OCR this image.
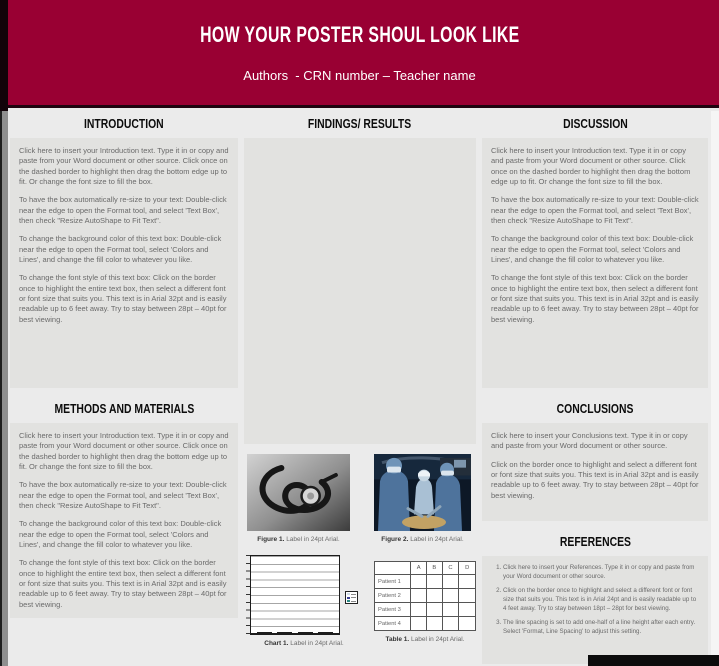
HOW YOUR POSTER SHOUL LOOK LIKE
Authors  - CRN number – Teacher name
INTRODUCTION

Click here to insert your Introduction text. Type it in or copy and paste from your Word document or other source. Click once on the dashed border to highlight then drag the bottom edge up to fit. Or change the font size to fill the box.

To have the box automatically re-size to your text: Double-click near the edge to open the Format tool, and select 'Text Box', then check "Resize AutoShape to Fit Text".

To change the background color of this text box: Double-click near the edge to open the Format tool, select 'Colors and Lines', and change the fill color to whatever you like.

To change the font style of this text box: Click on the border once to highlight the entire text box, then select a different font or font size that suits you. This text is in Arial 32pt and is easily readable up to 6 feet away. Try to stay between 28pt – 40pt for best viewing.

METHODS AND MATERIALS

Click here to insert your Introduction text. Type it in or copy and paste from your Word document or other source. Click once on the dashed border to highlight then drag the bottom edge up to fit. Or change the font size to fill the box.

To have the box automatically re-size to your text: Double-click near the edge to open the Format tool, and select 'Text Box', then check "Resize AutoShape to Fit Text".

To change the background color of this text box: Double-click near the edge to open the Format tool, select 'Colors and Lines', and change the fill color to whatever you like.

To change the font style of this text box: Click on the border once to highlight the entire text box, then select a different font or font size that suits you. This text is in Arial 32pt and is easily readable up to 6 feet away. Try to stay between 28pt – 40pt for best viewing.

FINDINGS/ RESULTS
Figure 1. Label in 24pt Arial.	Figure 2. Label in 24pt Arial.
Chart 1. Label in 24pt Arial.
	A	B	C	D
Patient 1				
Patient 2				
Patient 3				
Patient 4				
Table 1. Label in 24pt Arial.
DISCUSSION

Click here to insert your Introduction text. Type it in or copy and paste from your Word document or other source. Click once on the dashed border to highlight then drag the bottom edge up to fit. Or change the font size to fill the box.

To have the box automatically re-size to your text: Double-click near the edge to open the Format tool, and select 'Text Box', then check "Resize AutoShape to Fit Text".

To change the background color of this text box: Double-click near the edge to open the Format tool, select 'Colors and Lines', and change the fill color to whatever you like.

To change the font style of this text box: Click on the border once to highlight the entire text box, then select a different font or font size that suits you. This text is in Arial 32pt and is easily readable up to 6 feet away. Try to stay between 28pt – 40pt for best viewing.

CONCLUSIONS

Click here to insert your Conclusions text. Type it in or copy and paste from your Word document or other source.

Click on the border once to highlight and select a different font or font size that suits you. This text is in Arial 32pt and is easily readable up to 6 feet away. Try to stay between 28pt – 40pt for best viewing.

REFERENCES
1. Click here to insert your References. Type it in or copy and paste from your Word document or other source.
2. Click on the border once to highlight and select a different font or font size that suits you. This text is in Arial 24pt and is easily readable up to 4 feet away. Try to stay between 18pt – 28pt for best viewing.
3. The line spacing is set to add one-half of a line height after each entry. Select 'Format, Line Spacing' to adjust this setting.
